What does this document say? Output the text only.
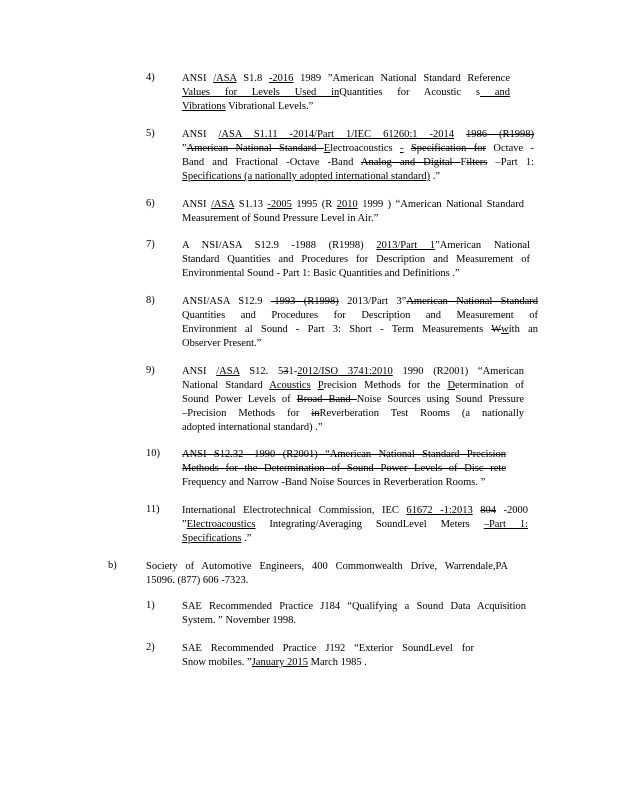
4)	ANSI /ASA S1.8 -2016 1989 ”American National Standard Reference

Values for Levels Used inQuantities for Acoustic s and

Vibrations Vibrational Levels.”

5)	ANSI /ASA S1.11 -2014/Part 1/IEC 61260:1 -2014 1986 (R1998)

”American National Standard Electroacoustics - Specification for Octave -

Band and Fractional -Octave -Band Analog and Digital Filters –Part 1:

Specifications (a nationally adopted international standard) .”

6)	ANSI /ASA S1.13 -2005 1995 (R 2010 1999 ) “American National Standard

Measurement of Sound Pressure Level in Air.”

7)	A NSI/ASA S12.9 -1988 (R1998) 2013/Part 1”American National

Standard Quantities and Procedures for Description and Measurement of

Environmental Sound - Part 1: Basic Quantities and Definitions .”

8)	ANSI/ASA S12.9 -1993 (R1998) 2013/Part 3”American National Standard

Quantities and Procedures for Description and Measurement of

Environment al Sound - Part 3: Short - Term Measurements Wwith an

Observer Present.”

9)	ANSI /ASA S12. 531-2012/ISO 3741:2010 1990 (R2001) “American

National Standard Acoustics Precision Methods for the Determination of

Sound Power Levels of Broad Band Noise Sources using Sound Pressure

–Precision Methods for inReverberation Test Rooms (a nationally

adopted international standard) .”

10) ANSI S12.32 -1990 (R2001) “American National Standard Precision

Methods for the Determination of Sound Power Levels of Disc rete

Frequency and Narrow -Band Noise Sources in Reverberation Rooms. ”

11) International Electrotechnical Commission, IEC 61672 -1:2013 804 -2000

”Electroacoustics Integrating/Averaging SoundLevel Meters –Part 1:

Specifications .”

b)	Society of Automotive Engineers, 400 Commonwealth Drive, Warrendale,PA

15096. (877) 606 -7323.

1)	SAE Recommended Practice J184 “Qualifying a Sound Data Acquisition

System. ” November 1998.

2)	SAE Recommended Practice J192 “Exterior SoundLevel for

Snow mobiles. ”January 2015 March 1985 .
